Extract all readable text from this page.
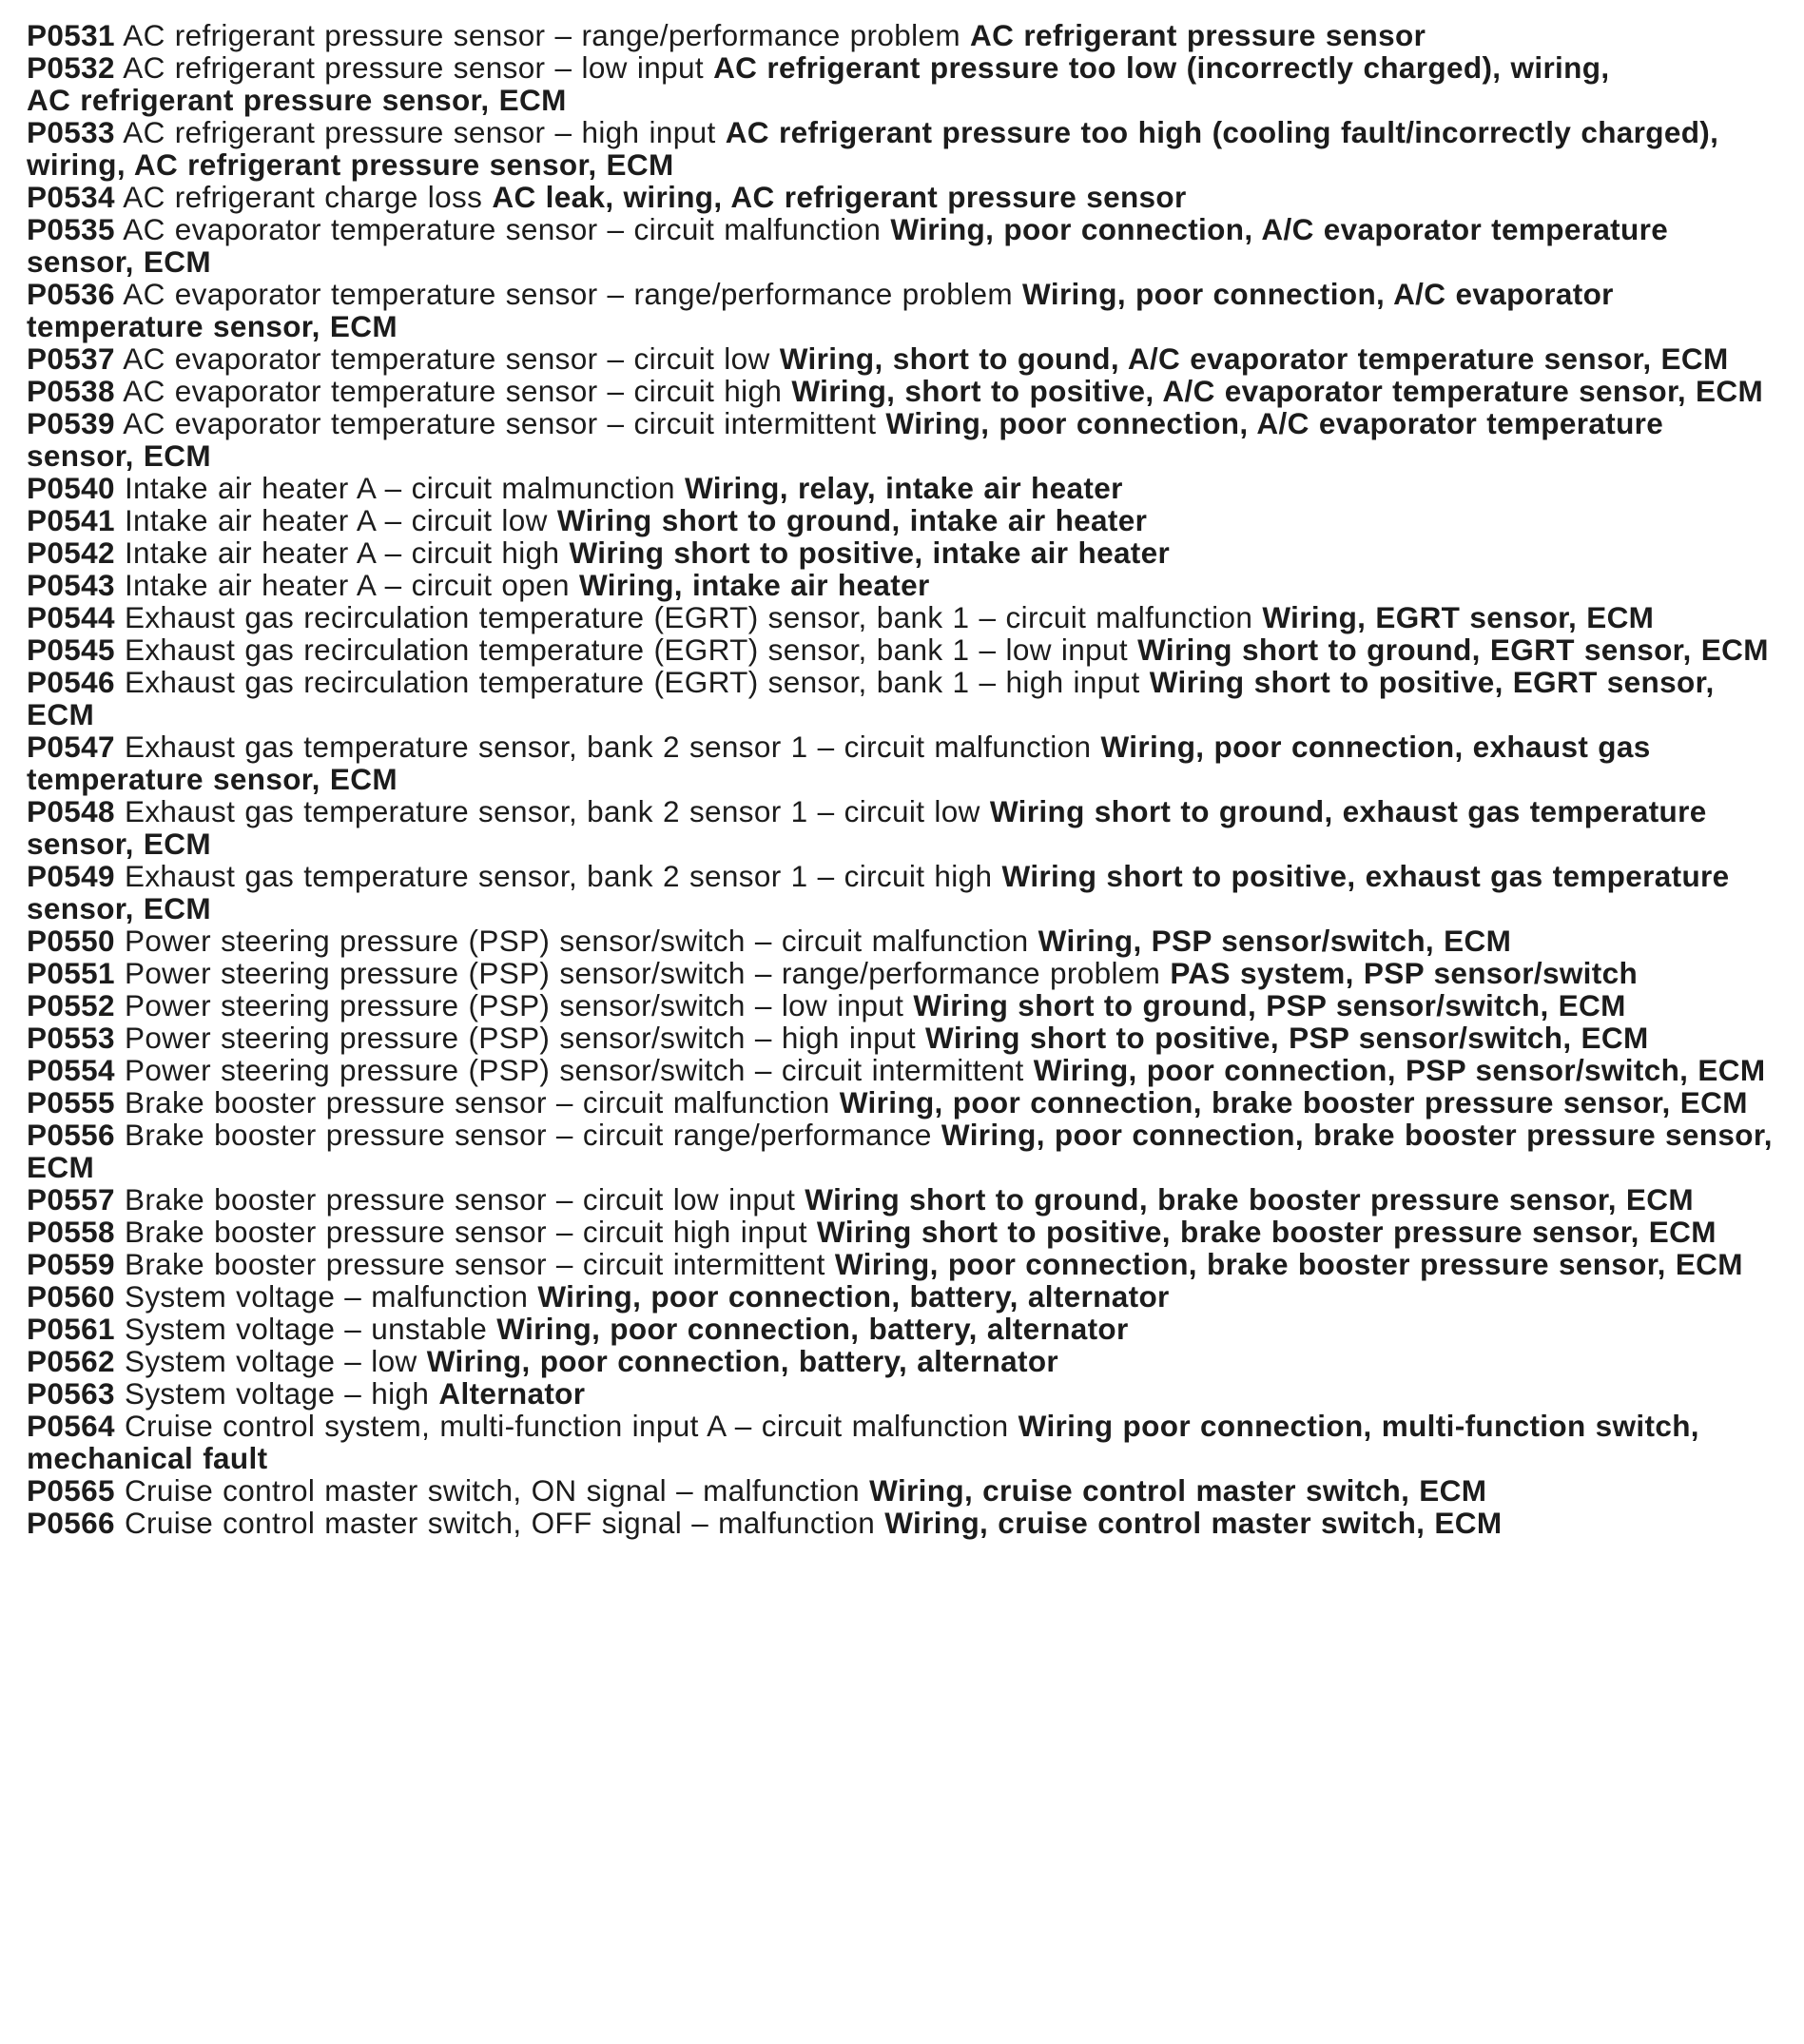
P0531 AC refrigerant pressure sensor – range/performance problem AC refrigerant pressure sensor

P0532 AC refrigerant pressure sensor – low input AC refrigerant pressure too low (incorrectly charged), wiring,
AC refrigerant pressure sensor, ECM

P0533 AC refrigerant pressure sensor – high input AC refrigerant pressure too high (cooling fault/incorrectly charged),
wiring, AC refrigerant pressure sensor, ECM

P0534 AC refrigerant charge loss AC leak, wiring, AC refrigerant pressure sensor

P0535 AC evaporator temperature sensor – circuit malfunction Wiring, poor connection, A/C evaporator temperature sensor, ECM

P0536 AC evaporator temperature sensor – range/performance problem Wiring, poor connection, A/C evaporator temperature sensor, ECM

P0537 AC evaporator temperature sensor – circuit low Wiring, short to gound, A/C evaporator temperature sensor, ECM

P0538 AC evaporator temperature sensor – circuit high Wiring, short to positive, A/C evaporator temperature sensor, ECM

P0539 AC evaporator temperature sensor – circuit intermittent Wiring, poor connection, A/C evaporator temperature sensor, ECM

P0540 Intake air heater A – circuit malmunction Wiring, relay, intake air heater

P0541 Intake air heater A – circuit low Wiring short to ground, intake air heater

P0542 Intake air heater A – circuit high Wiring short to positive, intake air heater

P0543 Intake air heater A – circuit open Wiring, intake air heater

P0544 Exhaust gas recirculation temperature (EGRT) sensor, bank 1 – circuit malfunction Wiring, EGRT sensor, ECM

P0545 Exhaust gas recirculation temperature (EGRT) sensor, bank 1 – low input Wiring short to ground, EGRT sensor, ECM

P0546 Exhaust gas recirculation temperature (EGRT) sensor, bank 1 – high input Wiring short to positive, EGRT sensor, ECM

P0547 Exhaust gas temperature sensor, bank 2 sensor 1 – circuit malfunction Wiring, poor connection, exhaust gas temperature sensor, ECM

P0548 Exhaust gas temperature sensor, bank 2 sensor 1 – circuit low Wiring short to ground, exhaust gas temperature sensor, ECM

P0549 Exhaust gas temperature sensor, bank 2 sensor 1 – circuit high Wiring short to positive, exhaust gas temperature sensor, ECM

P0550 Power steering pressure (PSP) sensor/switch – circuit malfunction Wiring, PSP sensor/switch, ECM

P0551 Power steering pressure (PSP) sensor/switch – range/performance problem PAS system, PSP sensor/switch

P0552 Power steering pressure (PSP) sensor/switch – low input Wiring short to ground, PSP sensor/switch, ECM

P0553 Power steering pressure (PSP) sensor/switch – high input Wiring short to positive, PSP sensor/switch, ECM

P0554 Power steering pressure (PSP) sensor/switch – circuit intermittent Wiring, poor connection, PSP sensor/switch, ECM

P0555 Brake booster pressure sensor – circuit malfunction Wiring, poor connection, brake booster pressure sensor, ECM

P0556 Brake booster pressure sensor – circuit range/performance Wiring, poor connection, brake booster pressure sensor, ECM

P0557 Brake booster pressure sensor – circuit low input Wiring short to ground, brake booster pressure sensor, ECM

P0558 Brake booster pressure sensor – circuit high input Wiring short to positive, brake booster pressure sensor, ECM

P0559 Brake booster pressure sensor – circuit intermittent Wiring, poor connection, brake booster pressure sensor, ECM

P0560 System voltage – malfunction Wiring, poor connection, battery, alternator

P0561 System voltage – unstable Wiring, poor connection, battery, alternator

P0562 System voltage – low Wiring, poor connection, battery, alternator

P0563 System voltage – high Alternator

P0564 Cruise control system, multi-function input A – circuit malfunction Wiring poor connection, multi-function switch, mechanical fault

P0565 Cruise control master switch, ON signal – malfunction Wiring, cruise control master switch, ECM

P0566 Cruise control master switch, OFF signal – malfunction Wiring, cruise control master switch, ECM
